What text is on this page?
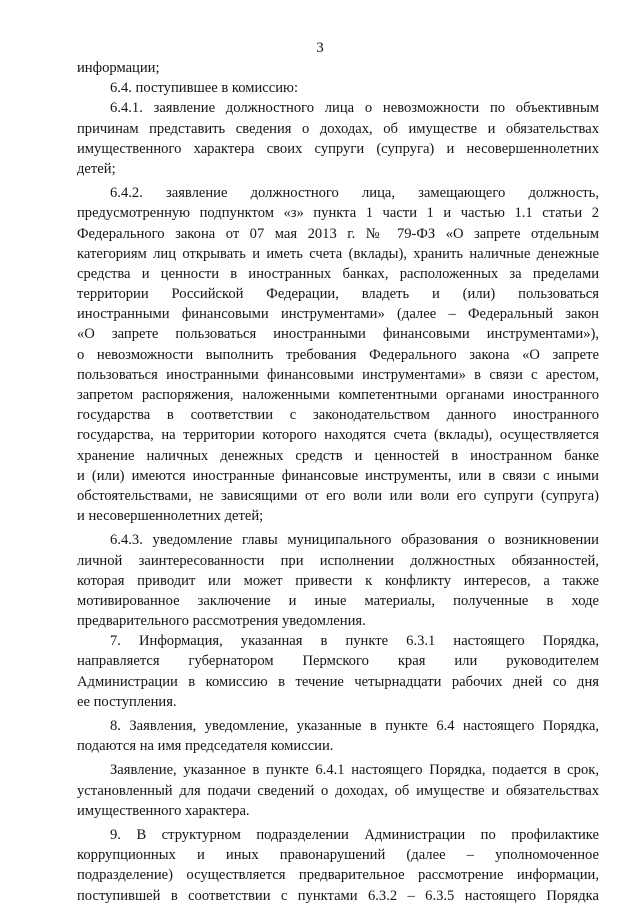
3
информации;
6.4. поступившее в комиссию:
6.4.1. заявление должностного лица о невозможности по объективным
причинам представить сведения о доходах, об имуществе и обязательствах
имущественного характера своих супруги (супруга) и несовершеннолетних
детей;
6.4.2. заявление должностного лица, замещающего должность,
предусмотренную подпунктом «з» пункта 1 части 1 и частью 1.1 статьи 2
Федерального закона от 07 мая 2013 г. № 79-ФЗ «О запрете отдельным
категориям лиц открывать и иметь счета (вклады), хранить наличные денежные
средства и ценности в иностранных банках, расположенных за пределами
территории Российской Федерации, владеть и (или) пользоваться
иностранными финансовыми инструментами» (далее – Федеральный закон
«О запрете пользоваться иностранными финансовыми инструментами»),
о невозможности выполнить требования Федерального закона «О запрете
пользоваться иностранными финансовыми инструментами» в связи с арестом,
запретом распоряжения, наложенными компетентными органами иностранного
государства в соответствии с законодательством данного иностранного
государства, на территории которого находятся счета (вклады), осуществляется
хранение наличных денежных средств и ценностей в иностранном банке
и (или) имеются иностранные финансовые инструменты, или в связи с иными
обстоятельствами, не зависящими от его воли или воли его супруги (супруга)
и несовершеннолетних детей;
6.4.3. уведомление главы муниципального образования о возникновении
личной заинтересованности при исполнении должностных обязанностей,
которая приводит или может привести к конфликту интересов, а также
мотивированное заключение и иные материалы, полученные в ходе
предварительного рассмотрения уведомления.
7. Информация, указанная в пункте 6.3.1 настоящего Порядка,
направляется губернатором Пермского края или руководителем
Администрации в комиссию в течение четырнадцати рабочих дней со дня
ее поступления.
8. Заявления, уведомление, указанные в пункте 6.4 настоящего Порядка,
подаются на имя председателя комиссии.
Заявление, указанное в пункте 6.4.1 настоящего Порядка, подается в срок,
установленный для подачи сведений о доходах, об имуществе и обязательствах
имущественного характера.
9. В структурном подразделении Администрации по профилактике
коррупционных и иных правонарушений (далее – уполномоченное
подразделение) осуществляется предварительное рассмотрение информации,
поступившей в соответствии с пунктами 6.3.2 – 6.3.5 настоящего Порядка
